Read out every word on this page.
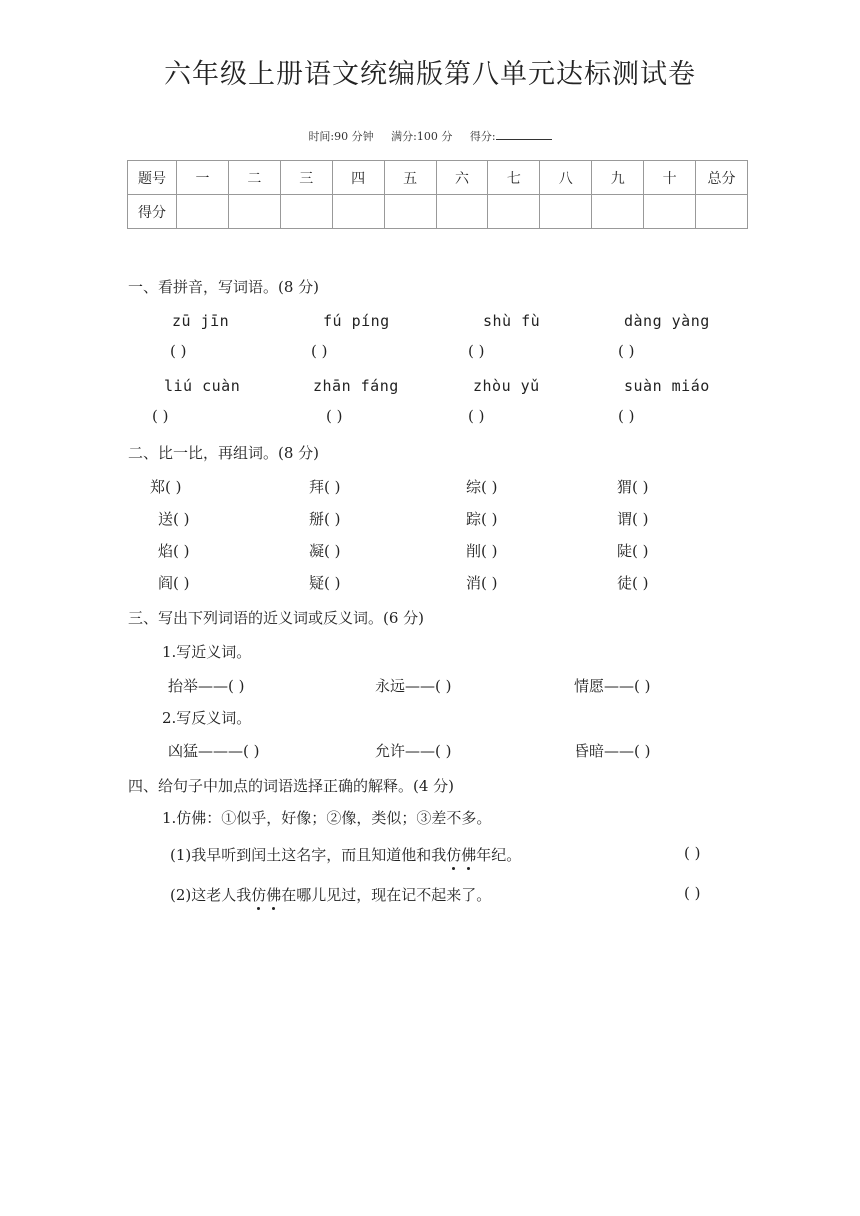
六年级上册语文统编版第八单元达标测试卷
时间:90 分钟 满分:100 分 得分:
题号	一	二	三	四	五	六	七	八	九	十	总分
得分											
一、看拼音，写词语。(8 分)
zū jīn	fú píng	shù fù	dàng yàng
( )	( )	( )	( )
liú cuàn	zhān fáng	zhòu yǔ	suàn miáo
( )	( )	( )	( )
二、比一比，再组词。(8 分)
郑( )	拜( )	综( )	猬( )
送( )	掰( )	踪( )	谓( )
焰( )	凝( )	削( )	陡( )
阎( )	疑( )	消( )	徒( )
三、写出下列词语的近义词或反义词。(6 分)
1.写近义词。
抬举——( )	永远——( )	情愿——( )
2.写反义词。
凶猛———( )	允许——( )	昏暗——( )
四、给句子中加点的词语选择正确的解释。(4 分)
1.仿佛：①似乎，好像；②像，类似；③差不多。
(1)我早听到闰土这名字，而且知道他和我仿佛年纪。	( )
(2)这老人我仿佛在哪儿见过，现在记不起来了。	( )
